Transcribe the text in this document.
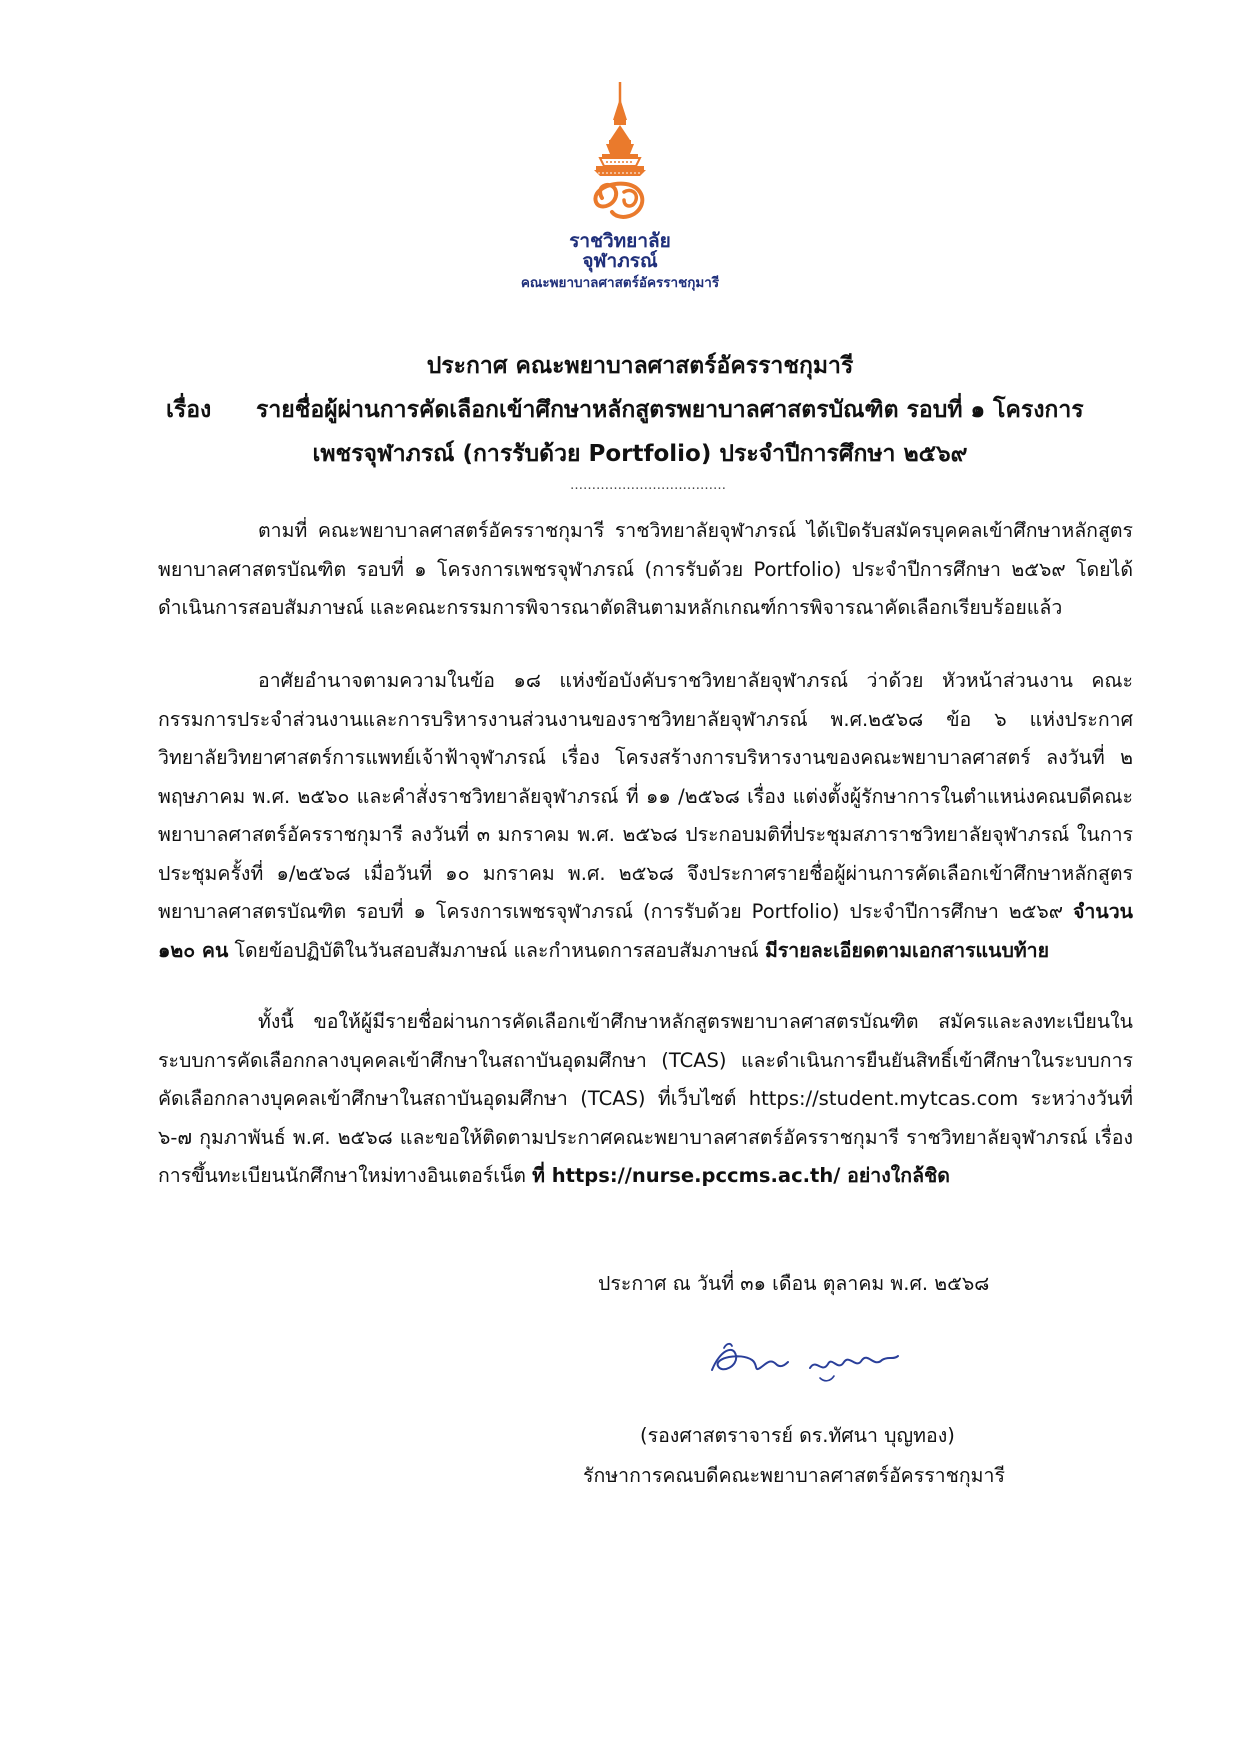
ราชวิทยาลัย
จุฬาภรณ์
คณะพยาบาลศาสตร์อัครราชกุมารี
ประกาศ คณะพยาบาลศาสตร์อัครราชกุมารี
เรื่อง รายชื่อผู้ผ่านการคัดเลือกเข้าศึกษาหลักสูตรพยาบาลศาสตรบัณฑิต รอบที่ ๑ โครงการ
เพชรจุฬาภรณ์ (การรับด้วย Portfolio) ประจำปีการศึกษา ๒๕๖๙
………………………………
ตามที่ คณะพยาบาลศาสตร์อัครราชกุมารี ราชวิทยาลัยจุฬาภรณ์ ได้เปิดรับสมัครบุคคลเข้าศึกษาหลักสูตรพยาบาลศาสตรบัณฑิต รอบที่ ๑ โครงการเพชรจุฬาภรณ์ (การรับด้วย Portfolio) ประจำปีการศึกษา ๒๕๖๙ โดยได้ดำเนินการสอบสัมภาษณ์ และคณะกรรมการพิจารณาตัดสินตามหลักเกณฑ์การพิจารณาคัดเลือกเรียบร้อยแล้ว
อาศัยอำนาจตามความในข้อ ๑๘ แห่งข้อบังคับราชวิทยาลัยจุฬาภรณ์ ว่าด้วย หัวหน้าส่วนงาน คณะกรรมการประจำส่วนงานและการบริหารงานส่วนงานของราชวิทยาลัยจุฬาภรณ์ พ.ศ.๒๕๖๘ ข้อ ๖ แห่งประกาศวิทยาลัยวิทยาศาสตร์การแพทย์เจ้าฟ้าจุฬาภรณ์ เรื่อง โครงสร้างการบริหารงานของคณะพยาบาลศาสตร์ ลงวันที่ ๒ พฤษภาคม พ.ศ. ๒๕๖๐ และคำสั่งราชวิทยาลัยจุฬาภรณ์ ที่ ๑๑ /๒๕๖๘ เรื่อง แต่งตั้งผู้รักษาการในตำแหน่งคณบดีคณะพยาบาลศาสตร์อัครราชกุมารี ลงวันที่ ๓ มกราคม พ.ศ. ๒๕๖๘ ประกอบมติที่ประชุมสภาราชวิทยาลัยจุฬาภรณ์ ในการประชุมครั้งที่ ๑/๒๕๖๘ เมื่อวันที่ ๑๐ มกราคม พ.ศ. ๒๕๖๘ จึงประกาศรายชื่อผู้ผ่านการคัดเลือกเข้าศึกษาหลักสูตรพยาบาลศาสตรบัณฑิต รอบที่ ๑ โครงการเพชรจุฬาภรณ์ (การรับด้วย Portfolio) ประจำปีการศึกษา ๒๕๖๙ จำนวน ๑๒๐ คน โดยข้อปฏิบัติในวันสอบสัมภาษณ์ และกำหนดการสอบสัมภาษณ์ มีรายละเอียดตามเอกสารแนบท้าย
ทั้งนี้ ขอให้ผู้มีรายชื่อผ่านการคัดเลือกเข้าศึกษาหลักสูตรพยาบาลศาสตรบัณฑิต สมัครและลงทะเบียนในระบบการคัดเลือกกลางบุคคลเข้าศึกษาในสถาบันอุดมศึกษา (TCAS) และดำเนินการยืนยันสิทธิ์เข้าศึกษาในระบบการคัดเลือกกลางบุคคลเข้าศึกษาในสถาบันอุดมศึกษา (TCAS) ที่เว็บไซต์ https://student.mytcas.com ระหว่างวันที่ ๖-๗ กุมภาพันธ์ พ.ศ. ๒๕๖๘ และขอให้ติดตามประกาศคณะพยาบาลศาสตร์อัครราชกุมารี ราชวิทยาลัยจุฬาภรณ์ เรื่องการขึ้นทะเบียนนักศึกษาใหม่ทางอินเตอร์เน็ต ที่ https://nurse.pccms.ac.th/ อย่างใกล้ชิด
ประกาศ ณ วันที่ ๓๑ เดือน ตุลาคม พ.ศ. ๒๕๖๘
(รองศาสตราจารย์ ดร.ทัศนา บุญทอง)
รักษาการคณบดีคณะพยาบาลศาสตร์อัครราชกุมารี
